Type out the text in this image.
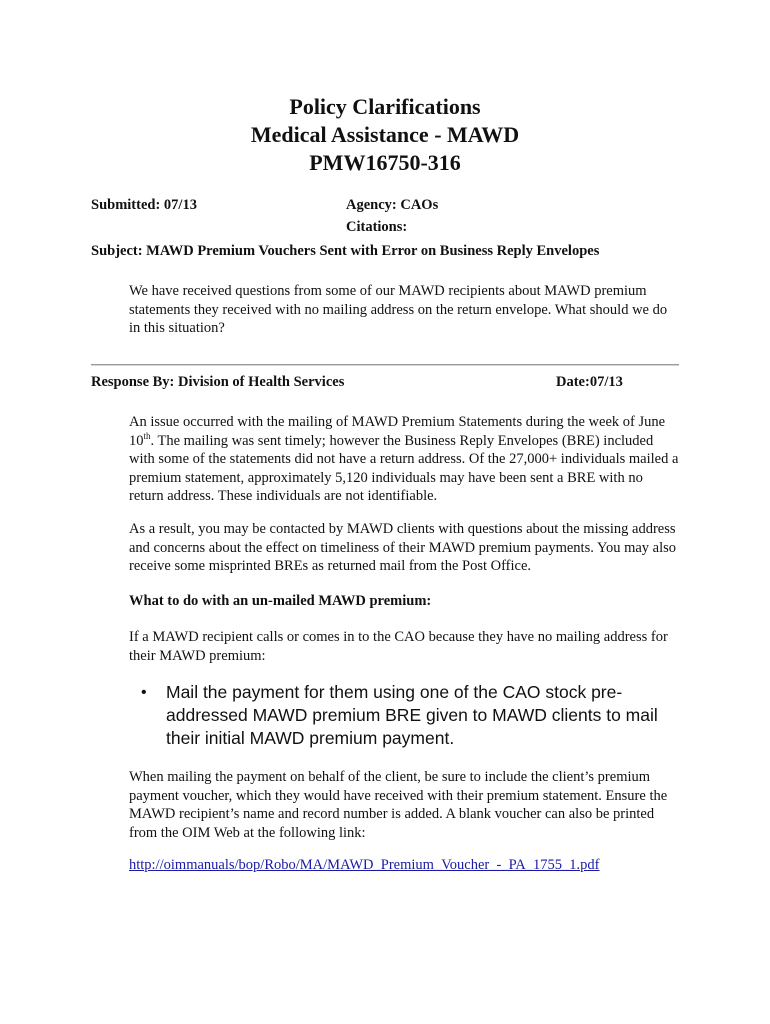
Policy Clarifications
Medical Assistance - MAWD
PMW16750-316
Submitted: 07/13	Agency: CAOs
Citations:
Subject: MAWD Premium Vouchers Sent with Error on Business Reply Envelopes

We have received questions from some of our MAWD recipients about MAWD premium statements they received with no mailing address on the return envelope. What should we do in this situation?

Response By: Division of Health Services	Date:07/13

An issue occurred with the mailing of MAWD Premium Statements during the week of June 10th. The mailing was sent timely; however the Business Reply Envelopes (BRE) included with some of the statements did not have a return address. Of the 27,000+ individuals mailed a premium statement, approximately 5,120 individuals may have been sent a BRE with no return address. These individuals are not identifiable.

As a result, you may be contacted by MAWD clients with questions about the missing address and concerns about the effect on timeliness of their MAWD premium payments. You may also receive some misprinted BREs as returned mail from the Post Office.

What to do with an un-mailed MAWD premium:

If a MAWD recipient calls or comes in to the CAO because they have no mailing address for their MAWD premium:

• Mail the payment for them using one of the CAO stock pre-addressed MAWD premium BRE given to MAWD clients to mail their initial MAWD premium payment.

When mailing the payment on behalf of the client, be sure to include the client’s premium payment voucher, which they would have received with their premium statement. Ensure the MAWD recipient’s name and record number is added. A blank voucher can also be printed from the OIM Web at the following link:

http://oimmanuals/bop/Robo/MA/MAWD_Premium_Voucher_-_PA_1755_1.pdf
